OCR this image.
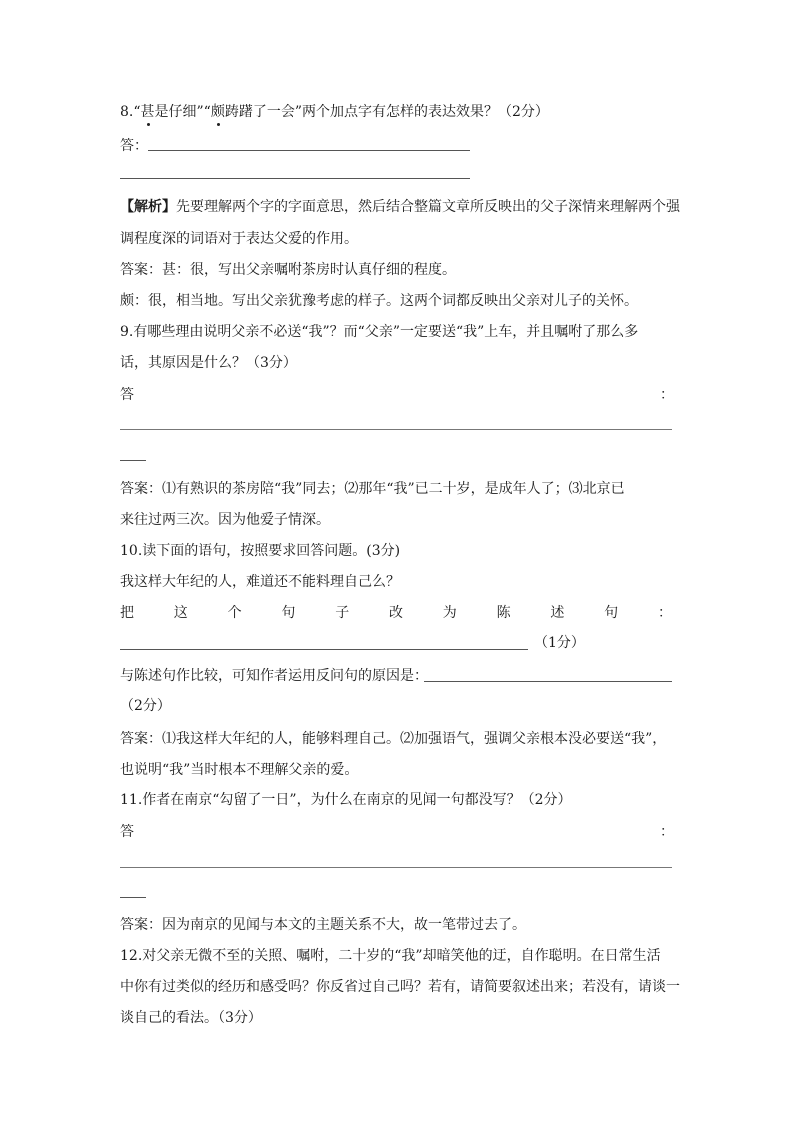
8.“甚是仔细”“颇踌躇了一会”两个加点字有怎样的表达效果？（2分）
答：
【解析】先要理解两个字的字面意思，然后结合整篇文章所反映出的父子深情来理解两个强
调程度深的词语对于表达父爱的作用。
答案：甚：很，写出父亲嘱咐茶房时认真仔细的程度。
颇：很，相当地。写出父亲犹豫考虑的样子。这两个词都反映出父亲对儿子的关怀。
9.有哪些理由说明父亲不必送“我”？而“父亲”一定要送“我”上车，并且嘱咐了那么多
话，其原因是什么？（3分）
答	：
答案：⑴有熟识的茶房陪“我”同去；⑵那年“我”已二十岁，是成年人了；⑶北京已
来往过两三次。因为他爱子情深。
10.读下面的语句，按照要求回答问题。(3分)
我这样大年纪的人，难道还不能料理自己么？
把	这	个	句	子	改	为	陈	述	句	：
（1分）
与陈述句作比较，可知作者运用反问句的原因是：
（2分）
答案：⑴我这样大年纪的人，能够料理自己。⑵加强语气，强调父亲根本没必要送“我”，
也说明“我”当时根本不理解父亲的爱。
11.作者在南京“勾留了一日”，为什么在南京的见闻一句都没写？（2分）
答	：
答案：因为南京的见闻与本文的主题关系不大，故一笔带过去了。
12.对父亲无微不至的关照、嘱咐，二十岁的“我”却暗笑他的迂，自作聪明。在日常生活
中你有过类似的经历和感受吗？你反省过自己吗？若有，请简要叙述出来；若没有，请谈一
谈自己的看法。（3分）
